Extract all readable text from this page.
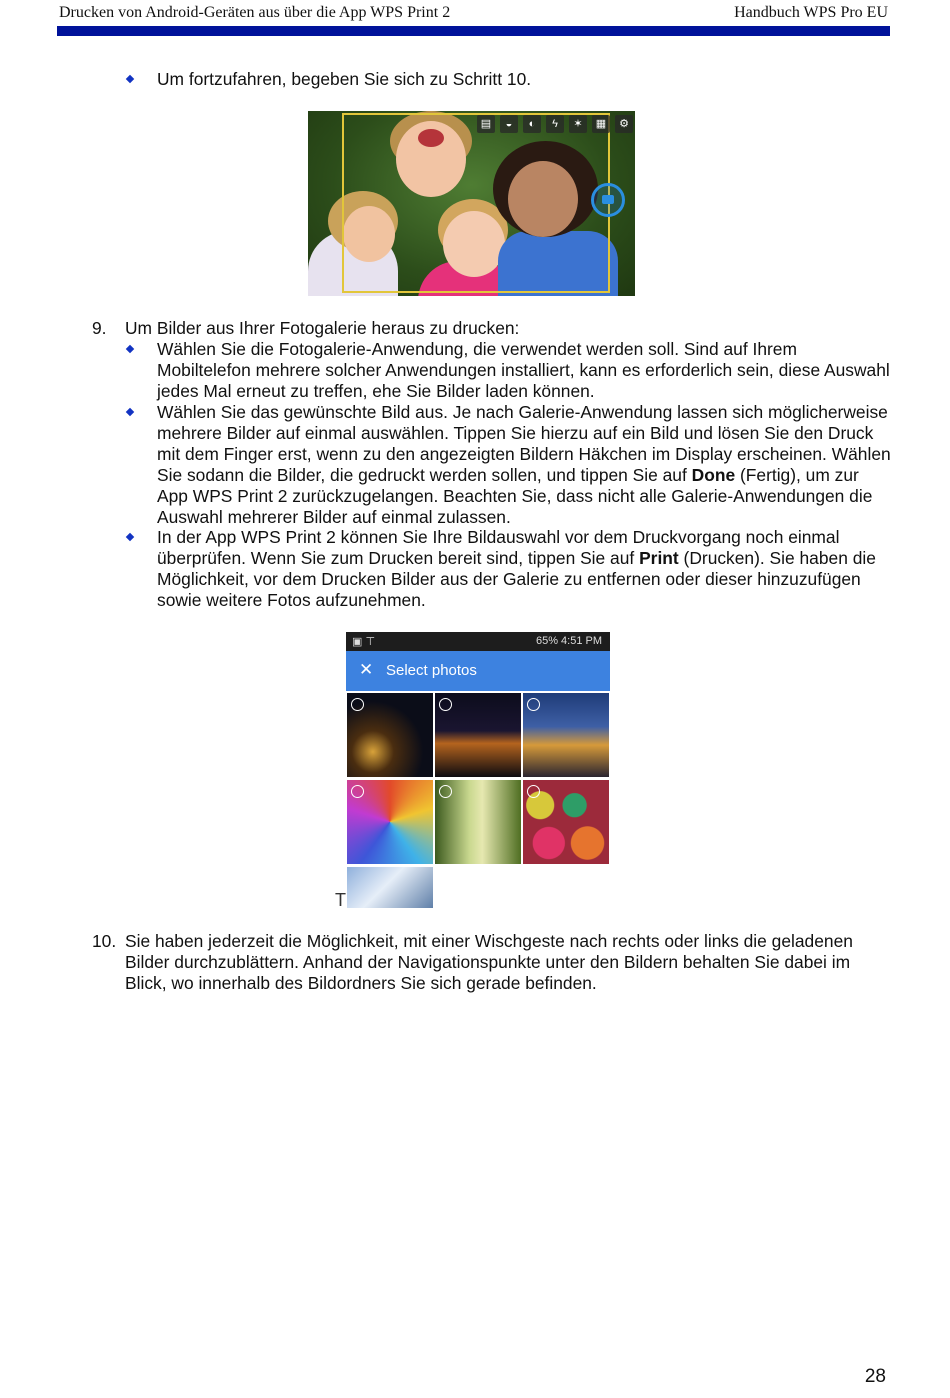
Drucken von Android-Geräten aus über die App WPS Print 2	Handbuch WPS Pro EU
Um fortzufahren, begeben Sie sich zu Schritt 10.
▤	◒	◐	ϟ	✶	▦	⚙
9. Um Bilder aus Ihrer Fotogalerie heraus zu drucken:
Wählen Sie die Fotogalerie-Anwendung, die verwendet werden soll. Sind auf Ihrem Mobiltelefon mehrere solcher Anwendungen installiert, kann es erforderlich sein, diese Auswahl jedes Mal erneut zu treffen, ehe Sie Bilder laden können.
Wählen Sie das gewünschte Bild aus. Je nach Galerie-Anwendung lassen sich möglicherweise mehrere Bilder auf einmal auswählen. Tippen Sie hierzu auf ein Bild und lösen Sie den Druck mit dem Finger erst, wenn zu den angezeigten Bildern Häkchen im Display erscheinen. Wählen Sie sodann die Bilder, die gedruckt werden sollen, und tippen Sie auf Done (Fertig), um zur App WPS Print 2 zurückzugelangen. Beachten Sie, dass nicht alle Galerie-Anwendungen die Auswahl mehrerer Bilder auf einmal zulassen.
In der App WPS Print 2 können Sie Ihre Bildauswahl vor dem Druckvorgang noch einmal überprüfen. Wenn Sie zum Drucken bereit sind, tippen Sie auf Print (Drucken). Sie haben die Möglichkeit, vor dem Drucken Bilder aus der Galerie zu entfernen oder dieser hinzuzufügen sowie weitere Fotos aufzunehmen.
▣ ⊤	65% 4:51 PM
✕ Select photos
T
10. Sie haben jederzeit die Möglichkeit, mit einer Wischgeste nach rechts oder links die geladenen Bilder durchzublättern. Anhand der Navigationspunkte unter den Bildern behalten Sie dabei im Blick, wo innerhalb des Bildordners Sie sich gerade befinden.
28
